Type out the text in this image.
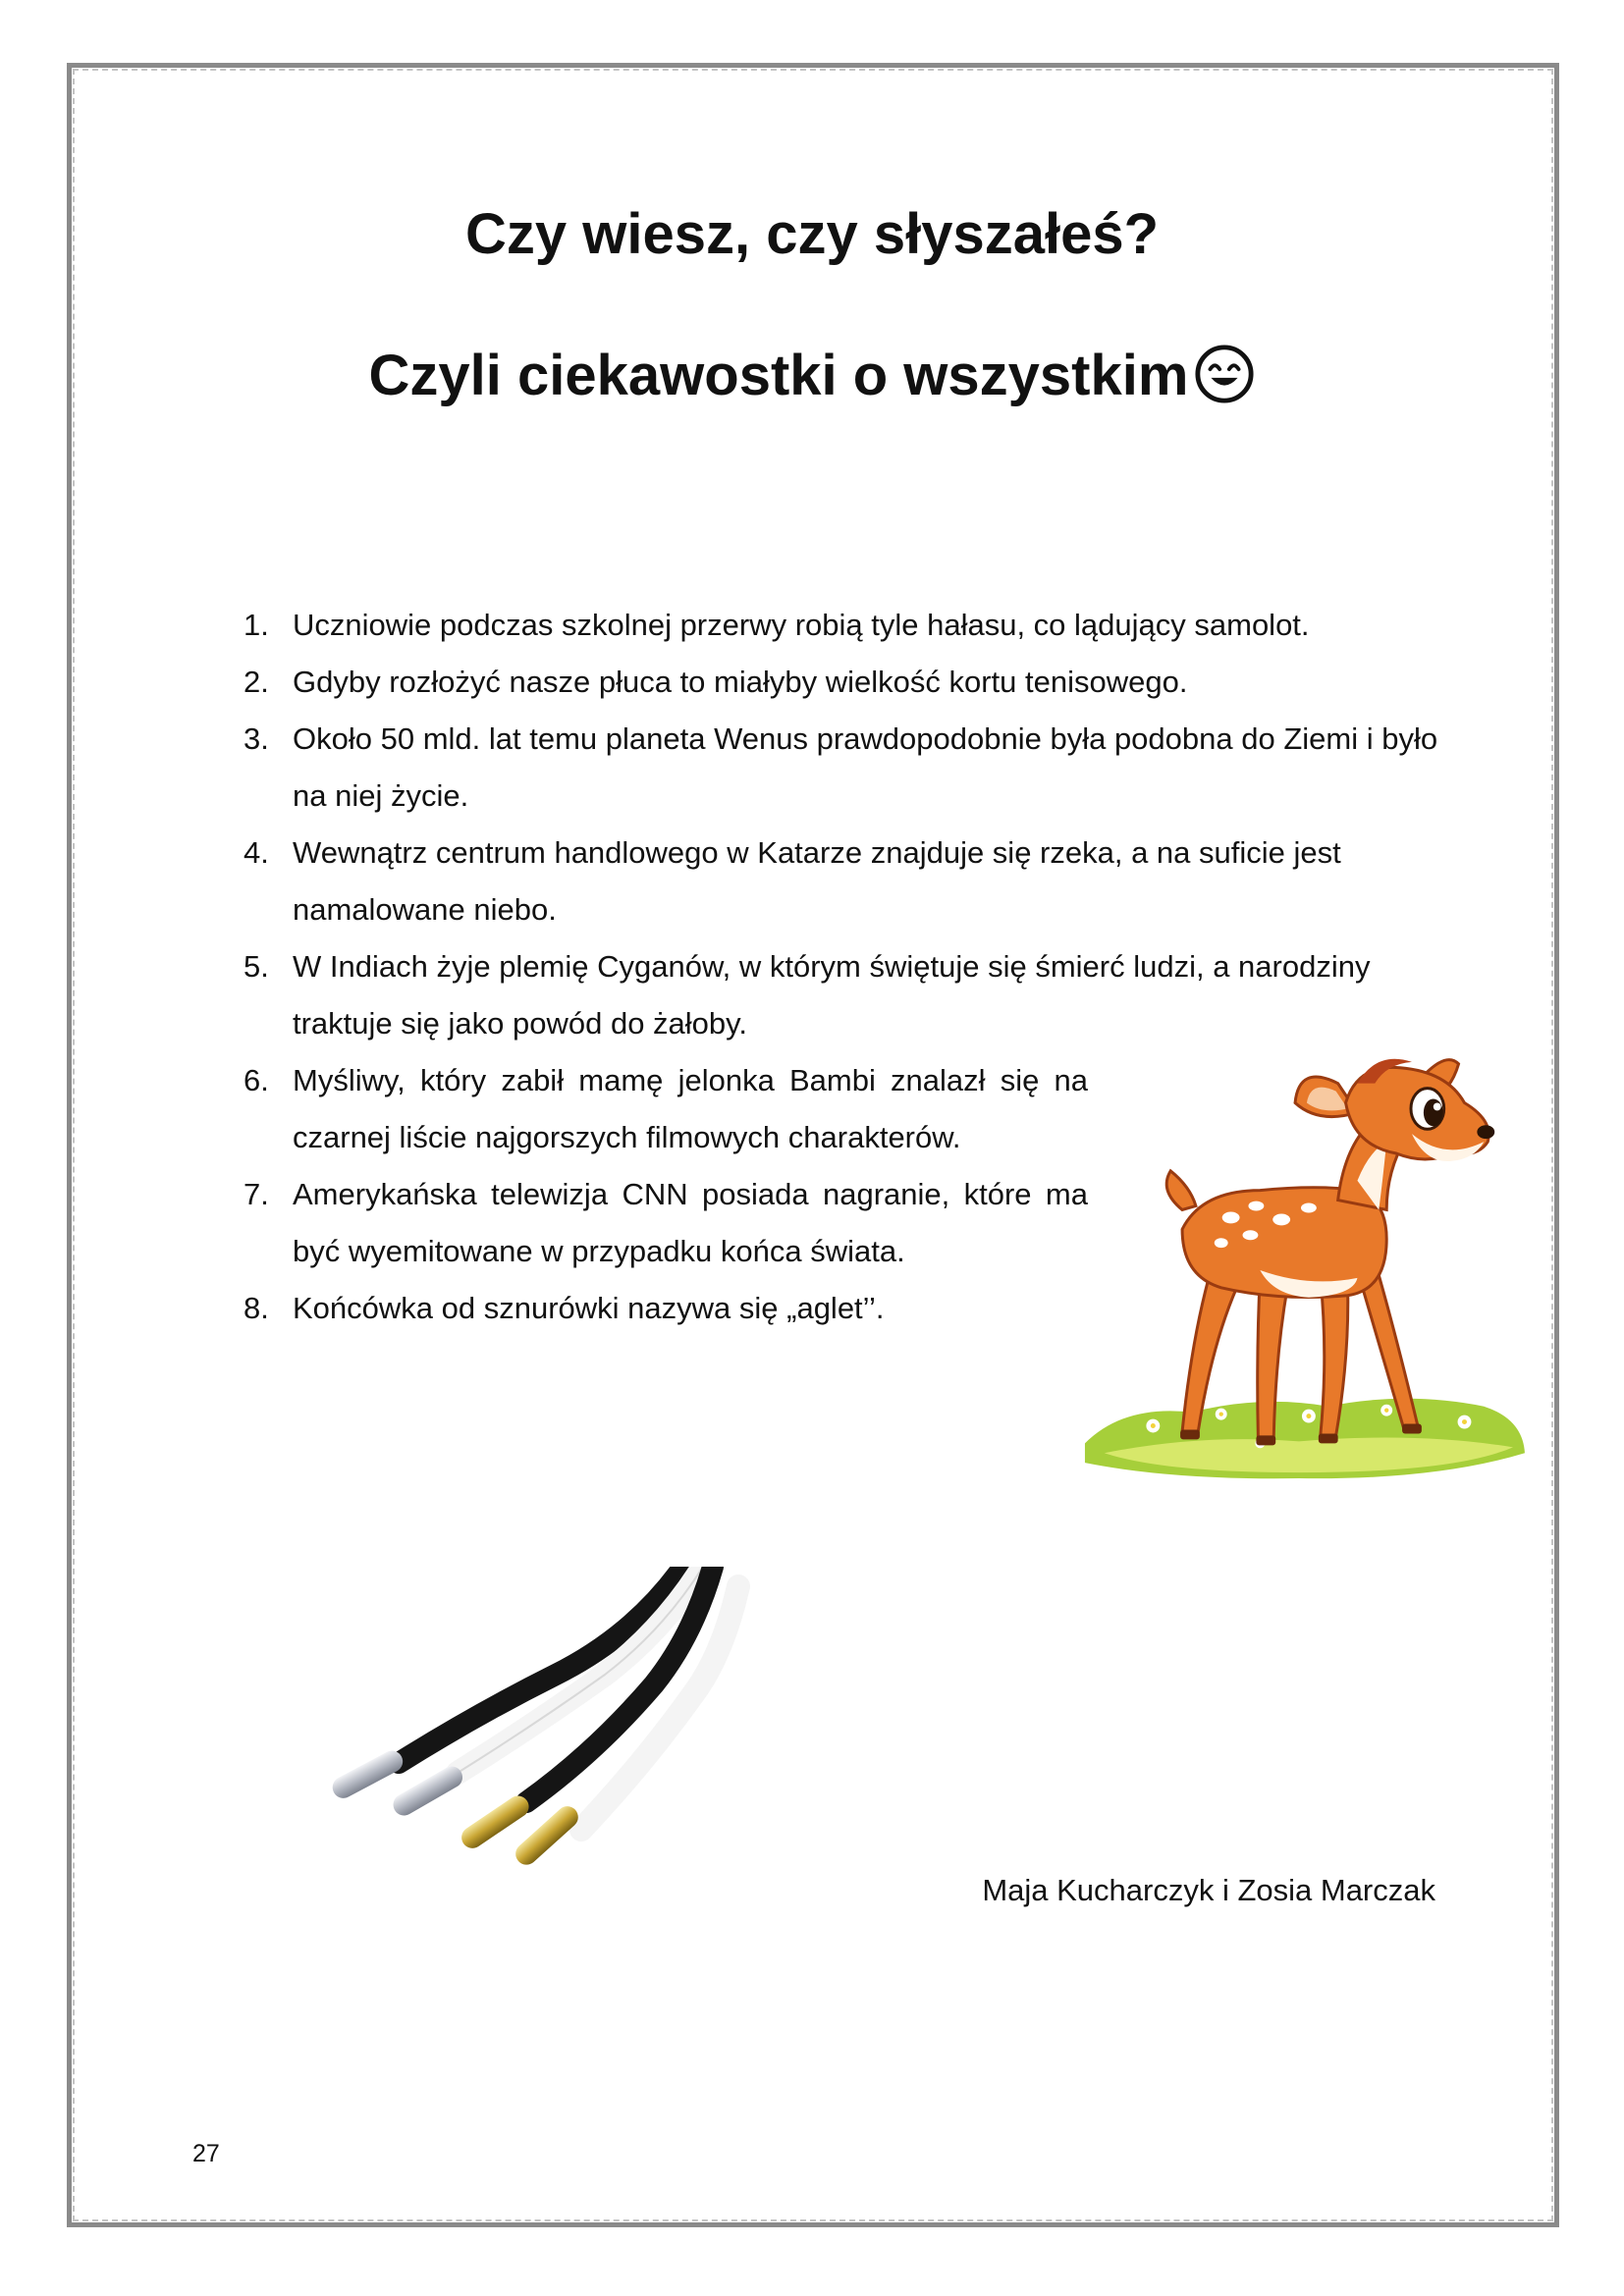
Czy wiesz, czy słyszałeś?
Czyli ciekawostki o wszystkim
1. Uczniowie podczas szkolnej przerwy robią tyle hałasu, co lądujący samolot.
2. Gdyby rozłożyć nasze płuca to miałyby wielkość kortu tenisowego.
3. Około 50 mld. lat temu planeta Wenus prawdopodobnie była podobna do Ziemi i było na niej życie.
4. Wewnątrz centrum handlowego w Katarze znajduje się rzeka, a na suficie jest namalowane niebo.
5. W Indiach żyje plemię Cyganów, w którym świętuje się śmierć ludzi, a narodziny traktuje się jako powód do żałoby.
6. Myśliwy, który zabił mamę jelonka Bambi znalazł się na czarnej liście najgorszych filmowych charakterów.
7. Amerykańska telewizja CNN posiada nagranie, które ma być wyemitowane w przypadku końca świata.
8. Końcówka od sznurówki nazywa się „aglet’’.

Maja Kucharczyk i Zosia Marczak

27
